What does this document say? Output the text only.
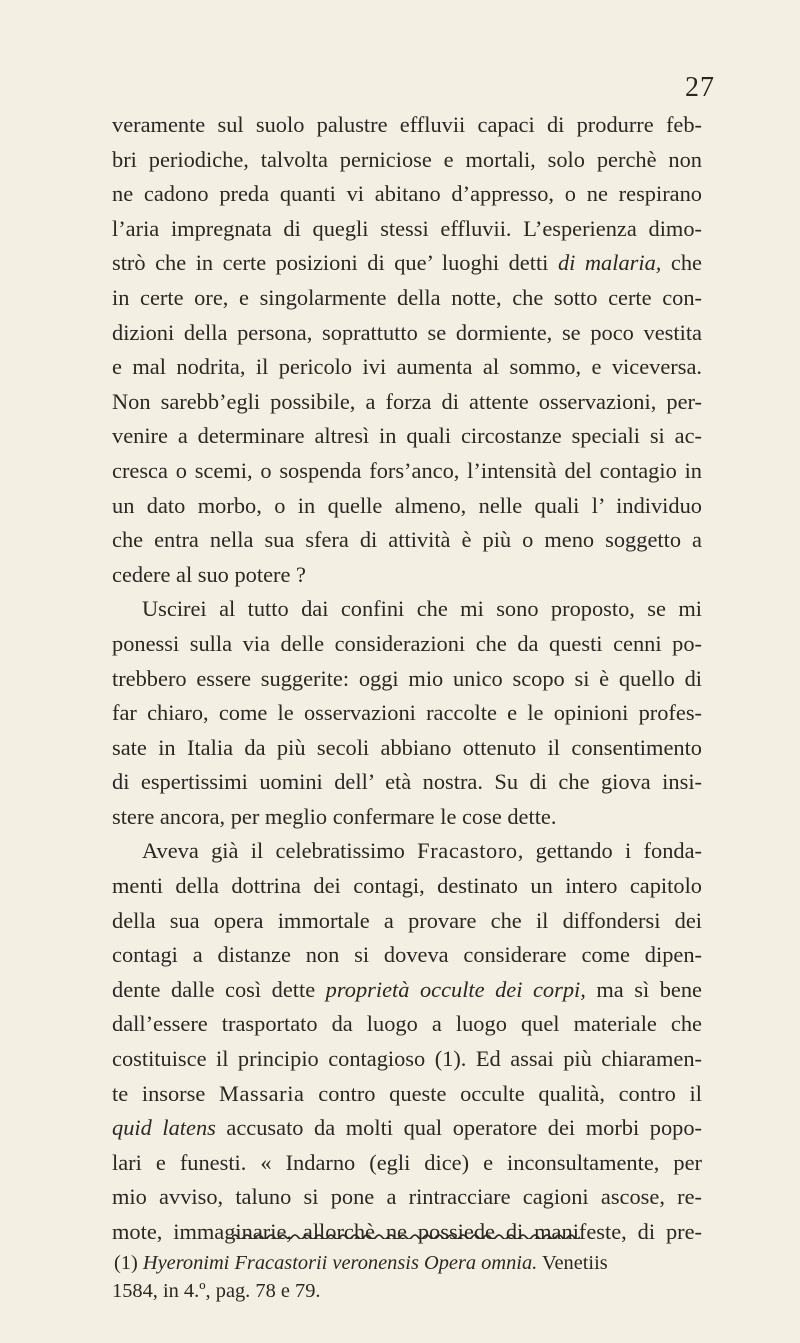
27
veramente sul suolo palustre effluvii capaci di produrre feb-
bri periodiche, talvolta perniciose e mortali, solo perchè non
ne cadono preda quanti vi abitano d’appresso, o ne respirano
l’aria impregnata di quegli stessi effluvii. L’esperienza dimo-
strò che in certe posizioni di que’ luoghi detti di malaria, che
in certe ore, e singolarmente della notte, che sotto certe con-
dizioni della persona, soprattutto se dormiente, se poco vestita
e mal nodrita, il pericolo ivi aumenta al sommo, e viceversa.
Non sarebb’egli possibile, a forza di attente osservazioni, per-
venire a determinare altresì in quali circostanze speciali si ac-
cresca o scemi, o sospenda fors’anco, l’intensità del contagio in
un dato morbo, o in quelle almeno, nelle quali l’ individuo
che entra nella sua sfera di attività è più o meno soggetto a
cedere al suo potere ?
Uscirei al tutto dai confini che mi sono proposto, se mi
ponessi sulla via delle considerazioni che da questi cenni po-
trebbero essere suggerite: oggi mio unico scopo si è quello di
far chiaro, come le osservazioni raccolte e le opinioni profes-
sate in Italia da più secoli abbiano ottenuto il consentimento
di espertissimi uomini dell’ età nostra. Su di che giova insi-
stere ancora, per meglio confermare le cose dette.
Aveva già il celebratissimo Fracastoro, gettando i fonda-
menti della dottrina dei contagi, destinato un intero capitolo
della sua opera immortale a provare che il diffondersi dei
contagi a distanze non si doveva considerare come dipen-
dente dalle così dette proprietà occulte dei corpi, ma sì bene
dall’essere trasportato da luogo a luogo quel materiale che
costituisce il principio contagioso (1). Ed assai più chiaramen-
te insorse Massaria contro queste occulte qualità, contro il
quid latens accusato da molti qual operatore dei morbi popo-
lari e funesti. « Indarno (egli dice) e inconsultamente, per
mio avviso, taluno si pone a rintracciare cagioni ascose, re-
mote, immaginarie, allorchè ne possiede di manifeste, di pre-
(1) Hyeronimi Fracastorii veronensis Opera omnia. Venetiis
1584, in 4.º, pag. 78 e 79.
